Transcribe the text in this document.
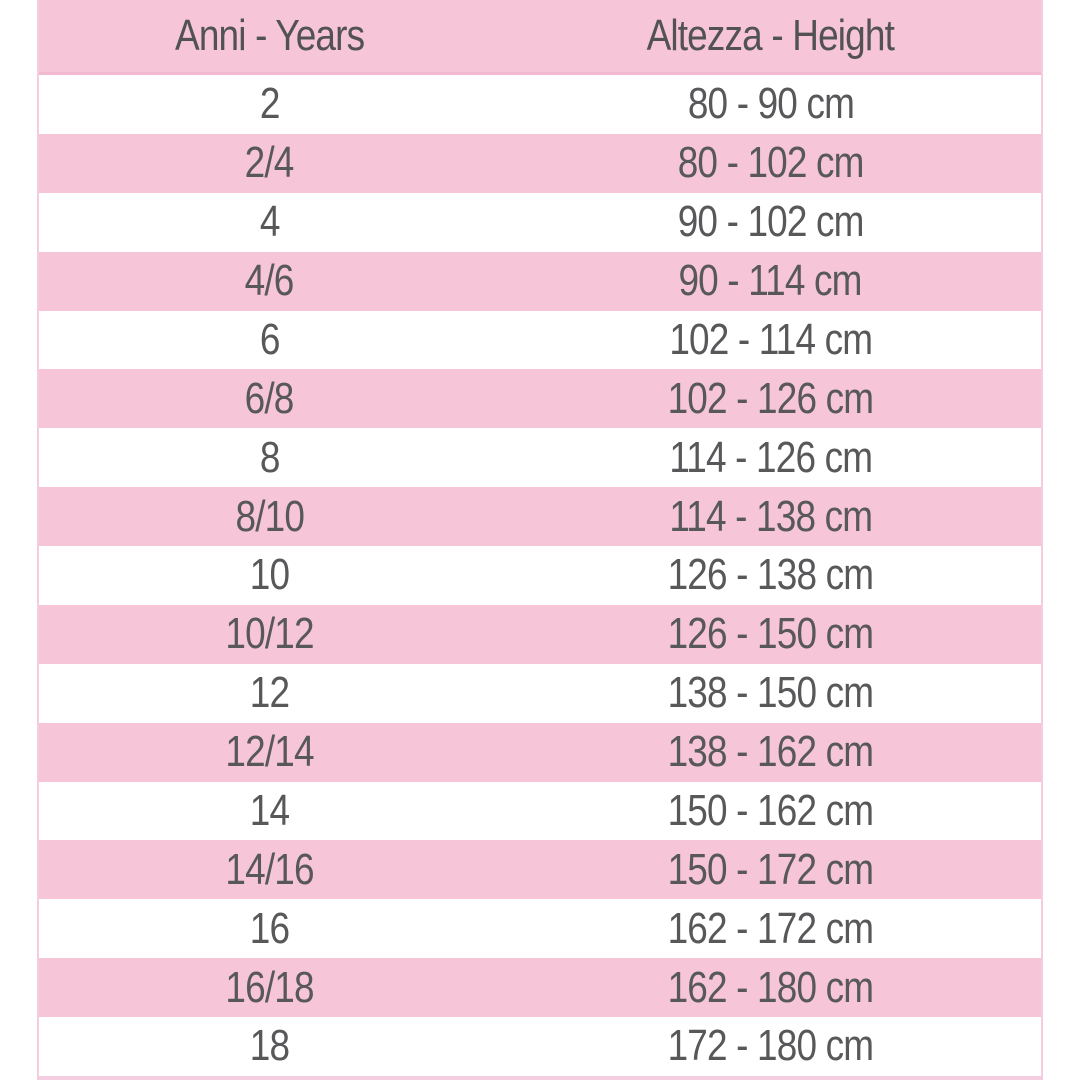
Anni - Years	Altezza - Height
2	80 - 90 cm
2/4	80 - 102 cm
4	90 - 102 cm
4/6	90 - 114 cm
6	102 - 114 cm
6/8	102 - 126 cm
8	114 - 126 cm
8/10	114 - 138 cm
10	126 - 138 cm
10/12	126 - 150 cm
12	138 - 150 cm
12/14	138 - 162 cm
14	150 - 162 cm
14/16	150 - 172 cm
16	162 - 172 cm
16/18	162 - 180 cm
18	172 - 180 cm
